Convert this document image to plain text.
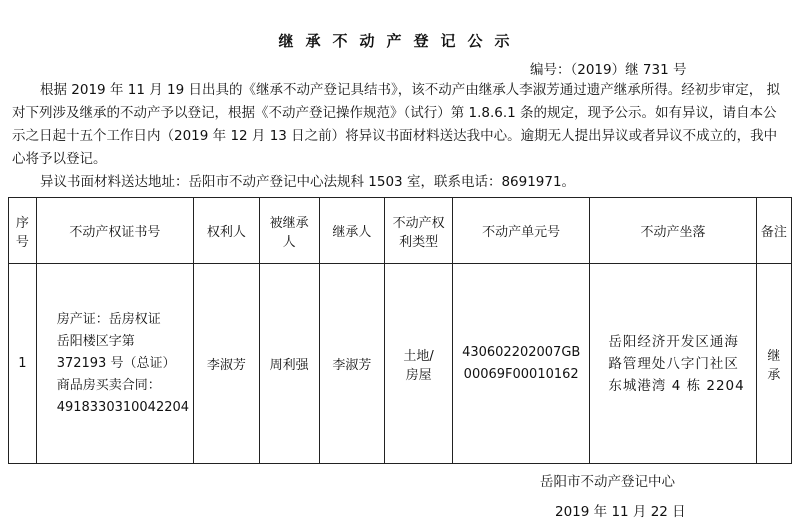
继承不动产登记公示
编号：（2019）继 731 号
根据 2019 年 11 月 19 日出具的《继承不动产登记具结书》，该不动产由继承人李淑芳通过遗产继承所得。经初步审定， 拟对下列涉及继承的不动产予以登记，根据《不动产登记操作规范》（试行）第 1.8.6.1 条的规定，现予公示。如有异议，请自本公示之日起十五个工作日内（2019 年 12 月 13 日之前）将异议书面材料送达我中心。逾期无人提出异议或者异议不成立的，我中心将予以登记。
异议书面材料送达地址：岳阳市不动产登记中心法规科 1503 室，联系电话：8691971。
序号	不动产权证书号	权利人	被继承人	继承人	不动产权利类型	不动产单元号	不动产坐落	备注
1	房产证：岳房权证
岳阳楼区字第
372193 号（总证）
商品房买卖合同：
4918330310042204	李淑芳	周利强	李淑芳	土地/
房屋	430602202007GB
00069F00010162	岳阳经济开发区通海路管理处八字门社区东城港湾 4 栋 2204	继
承
岳阳市不动产登记中心
2019 年 11 月 22 日
